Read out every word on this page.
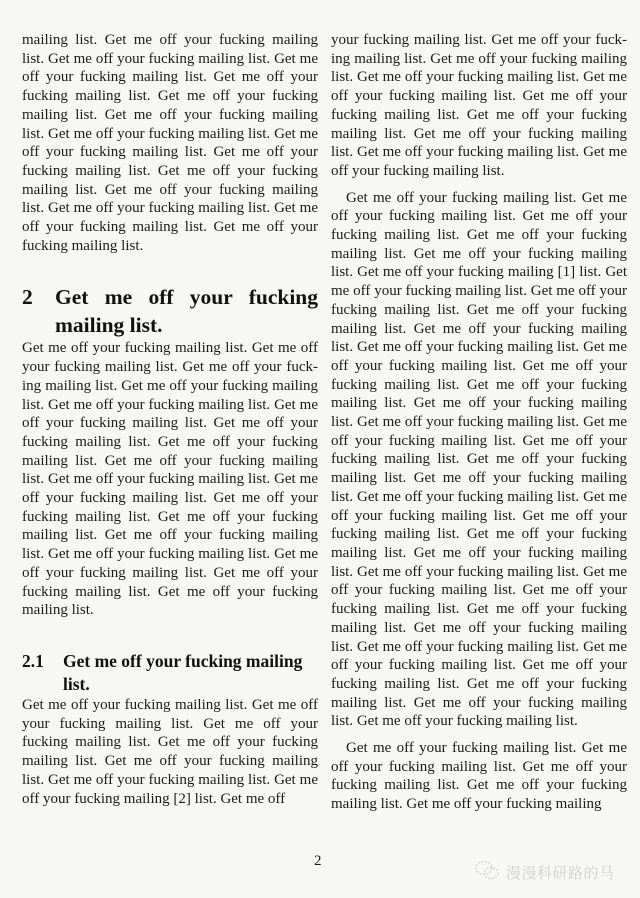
mailing list. Get me off your fucking mailing list. Get me off your fucking mailing list. Get me off your fucking mailing list. Get me off your fucking mailing list. Get me off your fucking mailing list. Get me off your fucking mailing list. Get me off your fucking mailing list. Get me off your fucking mailing list. Get me off your fucking mailing list. Get me off your fucking mailing list. Get me off your fucking mailing list. Get me off your fucking mailing list. Get me off your fucking mailing list. Get me off your fucking mailing list.

2	Get me off your fucking mailing list.

Get me off your fucking mailing list. Get me off your fucking mailing list. Get me off your fucking mailing list. Get me off your fucking mailing list. Get me off your fucking mailing list. Get me off your fucking mailing list. Get me off your fucking mailing list. Get me off your fucking mailing list. Get me off your fucking mailing list. Get me off your fucking mailing list. Get me off your fucking mailing list. Get me off your fucking mailing list. Get me off your fucking mailing list. Get me off your fucking mailing list. Get me off your fucking mailing list. Get me off your fucking mailing list. Get me off your fucking mailing list. Get me off your fucking mailing list.

2.1	Get me off your fucking mailing list.

Get me off your fucking mailing list. Get me off your fucking mailing list. Get me off your fucking mailing list. Get me off your fucking mailing list. Get me off your fucking mailing list. Get me off your fucking mailing list. Get me off your fucking mailing [2] list. Get me off

your fucking mailing list. Get me off your fucking mailing list. Get me off your fucking mailing list. Get me off your fucking mailing list. Get me off your fucking mailing list. Get me off your fucking mailing list. Get me off your fucking mailing list. Get me off your fucking mailing list. Get me off your fucking mailing list. Get me off your fucking mailing list.

Get me off your fucking mailing list. Get me off your fucking mailing list. Get me off your fucking mailing list. Get me off your fucking mailing list. Get me off your fucking mailing list. Get me off your fucking mailing [1] list. Get me off your fucking mailing list. Get me off your fucking mailing list. Get me off your fucking mailing list. Get me off your fucking mailing list. Get me off your fucking mailing list. Get me off your fucking mailing list. Get me off your fucking mailing list. Get me off your fucking mailing list. Get me off your fucking mailing list. Get me off your fucking mailing list. Get me off your fucking mailing list. Get me off your fucking mailing list. Get me off your fucking mailing list. Get me off your fucking mailing list. Get me off your fucking mailing list. Get me off your fucking mailing list. Get me off your fucking mailing list. Get me off your fucking mailing list. Get me off your fucking mailing list. Get me off your fucking mailing list. Get me off your fucking mailing list. Get me off your fucking mailing list. Get me off your fucking mailing list. Get me off your fucking mailing list. Get me off your fucking mailing list. Get me off your fucking mailing list. Get me off your fucking mailing list. Get me off your fucking mailing list. Get me off your fucking mailing list. Get me off your fucking mailing list.

Get me off your fucking mailing list. Get me off your fucking mailing list. Get me off your fucking mailing list. Get me off your fucking mailing list. Get me off your fucking mailing

2
漫漫科研路的马
